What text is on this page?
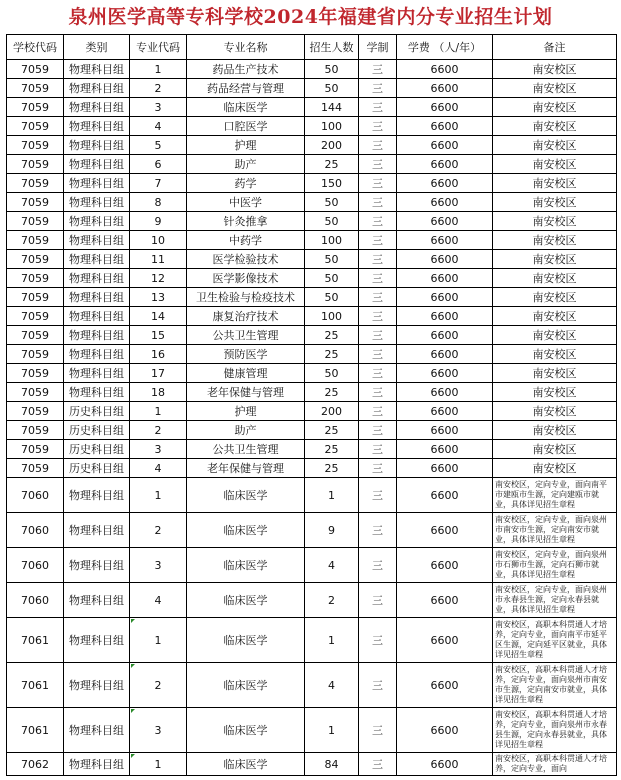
泉州医学高等专科学校2024年福建省内分专业招生计划
学校代码	类别	专业代码	专业名称	招生人数	学制	学费 （人/年）	备注
7059	物理科目组	1	药品生产技术	50	三	6600	南安校区
7059	物理科目组	2	药品经营与管理	50	三	6600	南安校区
7059	物理科目组	3	临床医学	144	三	6600	南安校区
7059	物理科目组	4	口腔医学	100	三	6600	南安校区
7059	物理科目组	5	护理	200	三	6600	南安校区
7059	物理科目组	6	助产	25	三	6600	南安校区
7059	物理科目组	7	药学	150	三	6600	南安校区
7059	物理科目组	8	中医学	50	三	6600	南安校区
7059	物理科目组	9	针灸推拿	50	三	6600	南安校区
7059	物理科目组	10	中药学	100	三	6600	南安校区
7059	物理科目组	11	医学检验技术	50	三	6600	南安校区
7059	物理科目组	12	医学影像技术	50	三	6600	南安校区
7059	物理科目组	13	卫生检验与检疫技术	50	三	6600	南安校区
7059	物理科目组	14	康复治疗技术	100	三	6600	南安校区
7059	物理科目组	15	公共卫生管理	25	三	6600	南安校区
7059	物理科目组	16	预防医学	25	三	6600	南安校区
7059	物理科目组	17	健康管理	50	三	6600	南安校区
7059	物理科目组	18	老年保健与管理	25	三	6600	南安校区
7059	历史科目组	1	护理	200	三	6600	南安校区
7059	历史科目组	2	助产	25	三	6600	南安校区
7059	历史科目组	3	公共卫生管理	25	三	6600	南安校区
7059	历史科目组	4	老年保健与管理	25	三	6600	南安校区
7060	物理科目组	1	临床医学	1	三	6600	南安校区，定向专业，面向南平市建瓯市生源，定向建瓯市就业，具体详见招生章程
7060	物理科目组	2	临床医学	9	三	6600	南安校区，定向专业，面向泉州市南安市生源，定向南安市就业，具体详见招生章程
7060	物理科目组	3	临床医学	4	三	6600	南安校区，定向专业，面向泉州市石狮市生源，定向石狮市就业，具体详见招生章程
7060	物理科目组	4	临床医学	2	三	6600	南安校区，定向专业，面向泉州市永春县生源，定向永春县就业，具体详见招生章程
7061	物理科目组	1	临床医学	1	三	6600	南安校区，高职本科贯通人才培养，定向专业，面向南平市延平区生源，定向延平区就业，具体详见招生章程
7061	物理科目组	2	临床医学	4	三	6600	南安校区，高职本科贯通人才培养，定向专业，面向泉州市南安市生源，定向南安市就业，具体详见招生章程
7061	物理科目组	3	临床医学	1	三	6600	南安校区，高职本科贯通人才培养，定向专业，面向泉州市永春县生源，定向永春县就业，具体详见招生章程
7062	物理科目组	1	临床医学	84	三	6600	南安校区，高职本科贯通人才培养，定向专业，面向
